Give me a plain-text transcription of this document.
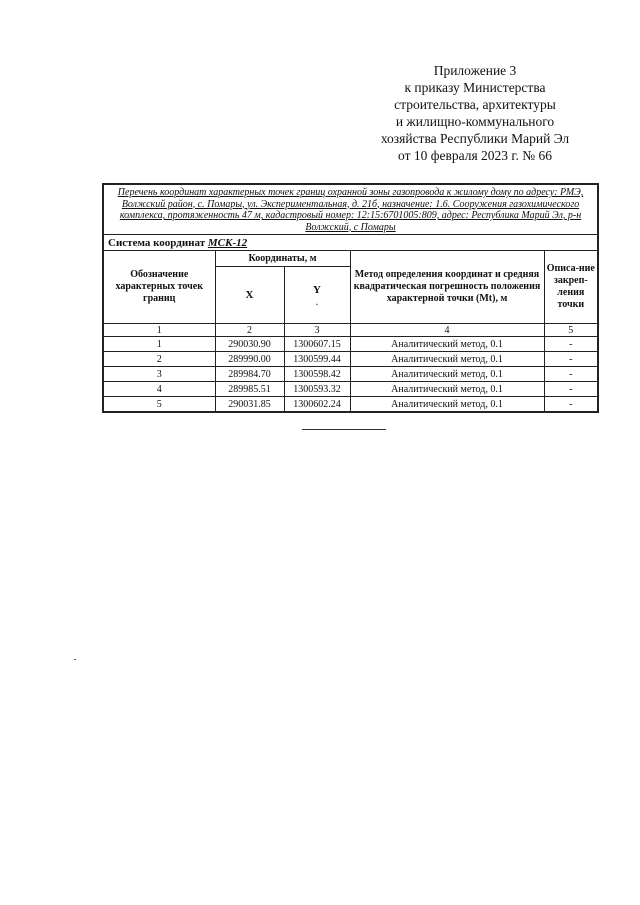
Приложение 3
к приказу Министерства
строительства, архитектуры
и жилищно-коммунального
хозяйства Республики Марий Эл
от 10 февраля 2023 г. № 66
Перечень координат характерных точек границ охранной зоны газопровода к жилому дому по адресу: РМЭ, Волжский район, с. Помары, ул. Экспериментальная, д. 21б, назначение: 1.6. Сооружения газохимического комплекса, протяженность 47 м, кадастровый номер: 12:15:6701005:809, адрес: Республика Марий Эл, р-н Волжский, с Помары				
Система координат МСК-12				
Обозначение характерных точек границ	Координаты, м		Метод определения координат и средняя квадратическая погрешность положения характерной точки (Mt), м	Описа-ние закреп-ления точки
	X	Y
.		

1	2	3	4	5
1	290030.90	1300607.15	Аналитический метод, 0.1	-
2	289990.00	1300599.44	Аналитический метод, 0.1	-
3	289984.70	1300598.42	Аналитический метод, 0.1	-
4	289985.51	1300593.32	Аналитический метод, 0.1	-
5	290031.85	1300602.24	Аналитический метод, 0.1	-
